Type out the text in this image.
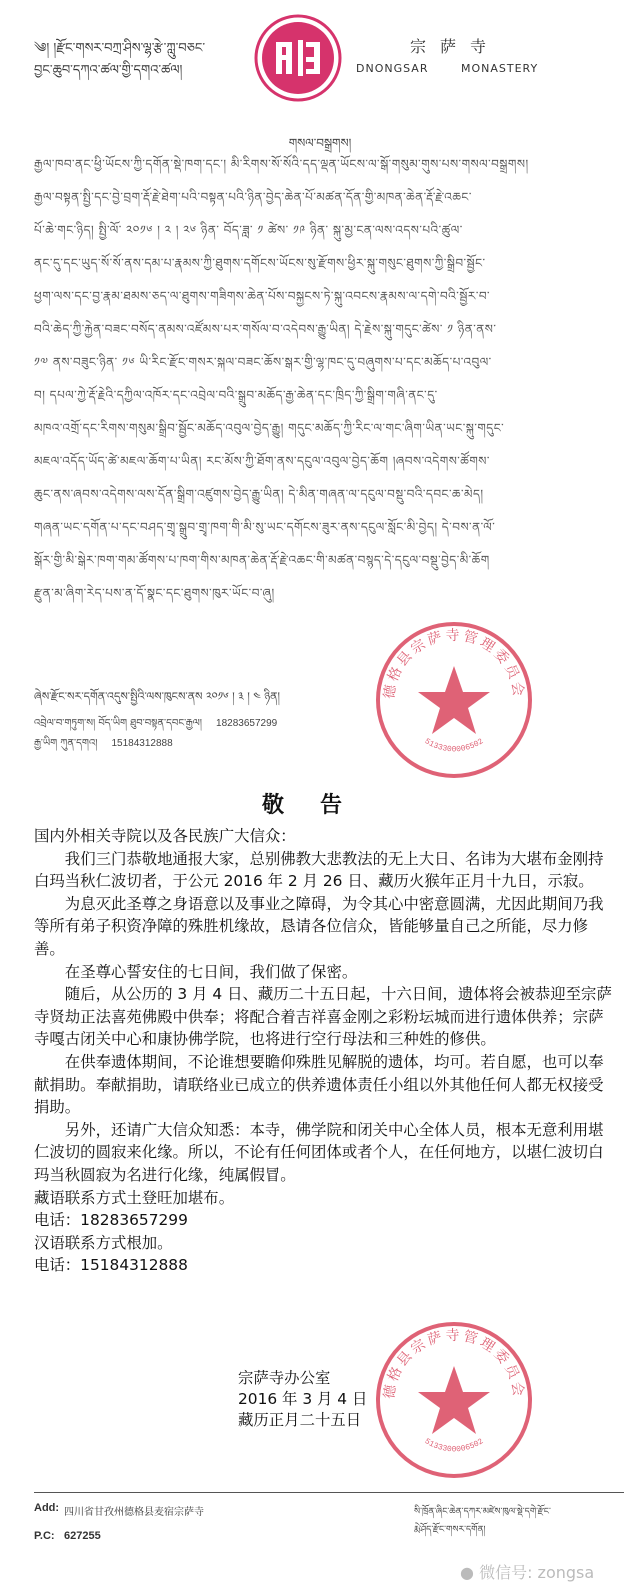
༄། །རྫོང་གསར་བཀྲ་ཤིས་ལྷ་རྩེ་ཀླུ་བཅང་
བྱང་ཆུབ་དཀའ་ཚལ་གྱི་དགའ་ཚལ།
宗萨寺
DNONGSAR MONASTERY
གསལ་བསྒྲགས།
རྒྱལ་ཁབ་ནང་ཕྱི་ཡོངས་ཀྱི་དགོན་སྡེ་ཁག་དང་། མི་རིགས་སོ་སོའི་དད་ལྡན་ཡོངས་ལ་སྒོ་གསུམ་གུས་པས་གསལ་བསྒྲགས།
རྒྱལ་བསྟན་སྤྱི་དང་བྱེ་བྲག་རྡོ་རྗེ་ཐེག་པའི་བསྟན་པའི་ཉིན་བྱེད་ཆེན་པོ་མཚན་དོན་གྱི་མཁན་ཆེན་རྡོ་རྗེ་འཆང་
པོ་ཆེ་གང་ཉིད། སྤྱི་ལོ་ ༢༠༡༦ ། ༢ ། ༢༦ ཉིན་ བོད་ཟླ་ ༡ ཚེས་ ༡༩ ཉིན་ སྐུ་མྱ་ངན་ལས་འདས་པའི་ཚུལ་
ནང་དུ་དང་ཡུད་སོ་སོ་ནས་དམ་པ་རྣམས་ཀྱི་ཐུགས་དགོངས་ཡོངས་སུ་རྫོགས་ཕྱིར་སྐུ་གསུང་ཐུགས་ཀྱི་སྒྲིབ་སྦྱོང་
ཕྱག་ལས་དང་བྱ་རྣམ་ཐམས་ཅད་ལ་ཐུགས་གཟིགས་ཆེན་པོས་བསྐྱངས་ཏེ་སྐུ་འབངས་རྣམས་ལ་དགེ་བའི་སྦྱོར་བ་
བའི་ཆེད་ཀྱི་རྐྱེན་བཟང་བསོད་ནམས་འཛོམས་པར་གསོལ་བ་འདེབས་རྒྱུ་ཡིན། དེ་རྗེས་སྐུ་གདུང་ཚེས་ ༡ ཉིན་ནས་
༡༧ ནས་བཟུང་ཉིན་ ༡༦ ཡི་རིང་རྫོང་གསར་སྐལ་བཟང་ཆོས་སྒར་གྱི་ལྷ་ཁང་དུ་བཞུགས་པ་དང་མཆོད་པ་འབུལ་
བ། དཔལ་ཀྱེ་རྡོ་རྗེའི་དཀྱིལ་འཁོར་དང་འབྲེལ་བའི་སྒྲུབ་མཆོད་རྒྱ་ཆེན་དང་ཁྲིད་ཀྱི་སྒྲིག་གཞི་ནང་དུ་
མཁའ་འགྲོ་དང་རིགས་གསུམ་སྒྲིབ་སྦྱོང་མཆོད་འབུལ་བྱེད་རྒྱུ། གདུང་མཆོད་ཀྱི་རིང་ལ་གང་ཞིག་ཡིན་ཡང་སྐུ་གདུང་
མཇལ་འདོད་ཡོད་ཚེ་མཇལ་ཆོག་པ་ཡིན། རང་མོས་ཀྱི་ཐོག་ནས་དངུལ་འབུལ་བྱེད་ཆོག །ཞབས་འདེགས་ཚོགས་
ཆུང་ནས་ཞབས་འདེགས་ལས་དོན་སྒྲིག་འཛུགས་བྱེད་རྒྱུ་ཡིན། དེ་མིན་གཞན་ལ་དངུལ་བསྡུ་བའི་དབང་ཆ་མེད།
གཞན་ཡང་དགོན་པ་དང་བཤད་གྲྭ་སྒྲུབ་གྲྭ་ཁག་གི་མི་སུ་ཡང་དགོངས་ཟུར་ནས་དངུལ་སློང་མི་བྱེད། དེ་བས་ན་ལོ་
སྒོར་གྱི་མི་སྒེར་ཁག་གམ་ཚོགས་པ་ཁག་གིས་མཁན་ཆེན་རྡོ་རྗེ་འཆང་གི་མཚན་བསྙད་དེ་དངུལ་བསྡུ་བྱེད་མི་ཆོག
རྫུན་མ་ཞིག་རེད་པས་ན་དོ་སྣང་དང་ཐུགས་ཁུར་ཡོང་བ་ཞུ།
ཞེས་རྫོང་སར་དགོན་འདུས་སྤྱིའི་ལས་ཁུངས་ནས ༢༠༡༦ ། ༣ ། ༤ ཉིན།
འབྲེལ་བ་གཏུག་ས། བོད་ཡིག ཐུབ་བསྟན་དབང་རྒྱལ། 18283657299
རྒྱ་ཡིག ཀུན་དགའ། 15184312888
德格县宗萨寺管理委员会
5133300006502
敬告

国内外相关寺院以及各民族广大信众：

我们三门恭敬地通报大家，总别佛教大悲教法的无上大日、名讳为大堪布金刚持白玛当秋仁波切者，于公元 2016 年 2 月 26 日、藏历火猴年正月十九日，示寂。

为息灭此圣尊之身语意以及事业之障碍，为令其心中密意圆满，尤因此期间乃我等所有弟子积资净障的殊胜机缘故，恳请各位信众，皆能够量自己之所能，尽力修善。

在圣尊心誓安住的七日间，我们做了保密。

随后，从公历的 3 月 4 日、藏历二十五日起，十六日间，遗体将会被恭迎至宗萨寺贤劫正法喜苑佛殿中供奉；将配合着吉祥喜金刚之彩粉坛城而进行遗体供养；宗萨寺嘎古闭关中心和康协佛学院，也将进行空行母法和三种姓的修供。

在供奉遗体期间，不论谁想要瞻仰殊胜见解脱的遗体，均可。若自愿，也可以奉献捐助。奉献捐助，请联络业已成立的供养遗体责任小组以外其他任何人都无权接受捐助。

另外，还请广大信众知悉：本寺，佛学院和闭关中心全体人员，根本无意利用堪仁波切的圆寂来化缘。所以，不论有任何团体或者个人，在任何地方，以堪仁波切白玛当秋圆寂为名进行化缘，纯属假冒。

藏语联系方式土登旺加堪布。

电话：18283657299

汉语联系方式根加。

电话：15184312888

宗萨寺办公室
2016 年 3 月 4 日
藏历正月二十五日
德格县宗萨寺管理委员会
5133300006502
Add: 四川省甘孜州德格县麦宿宗萨寺
P.C: 627255
སི་ཁྲོན་ཞིང་ཆེན་དཀར་མཛེས་ཁུལ་སྡེ་དགེ་རྫོང་
རྨེ་ཤོད་རྫོང་གསར་དགོན།
● 微信号: zongsa
